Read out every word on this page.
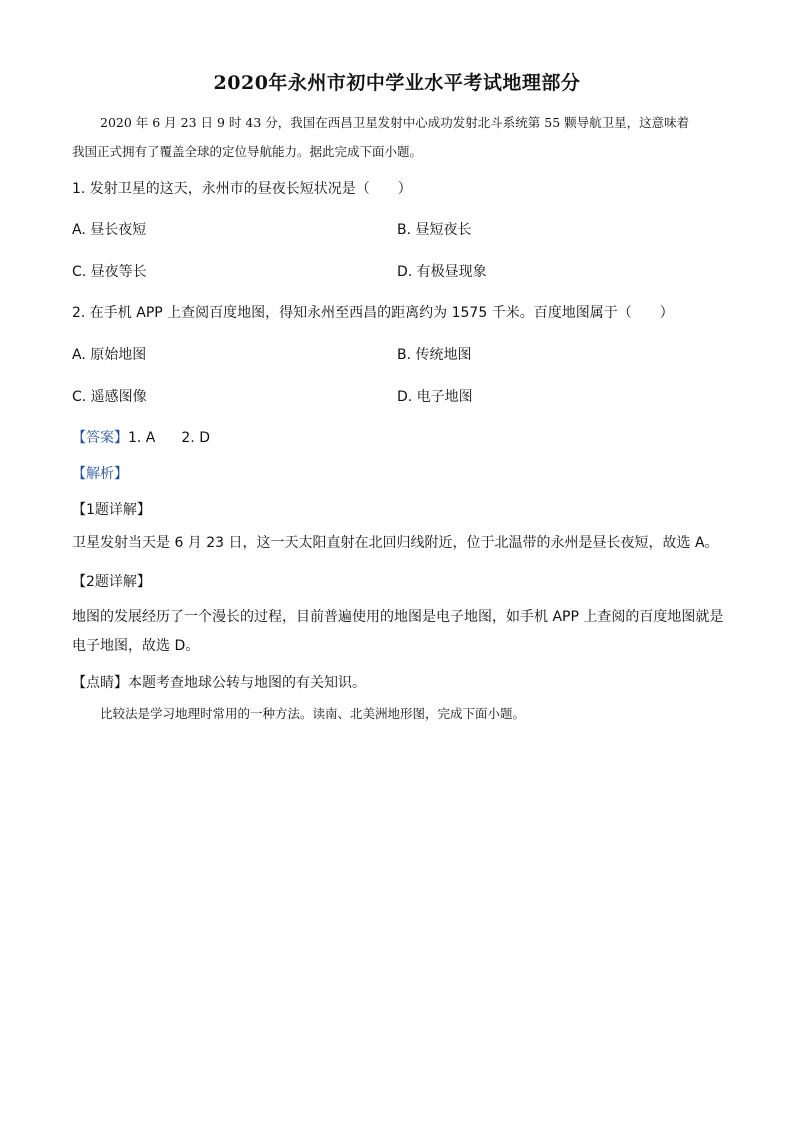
2020年永州市初中学业水平考试地理部分
2020 年 6 月 23 日 9 时 43 分，我国在西昌卫星发射中心成功发射北斗系统第 55 颗导航卫星，这意味着
我国正式拥有了覆盖全球的定位导航能力。据此完成下面小题。
1. 发射卫星的这天，永州市的昼夜长短状况是（　　）
A. 昼长夜短	B. 昼短夜长
C. 昼夜等长	D. 有极昼现象
2. 在手机 APP 上查阅百度地图，得知永州至西昌的距离约为 1575 千米。百度地图属于（　　）
A. 原始地图	B. 传统地图
C. 遥感图像	D. 电子地图
【答案】1. A 2. D
【解析】
【1题详解】
卫星发射当天是 6 月 23 日，这一天太阳直射在北回归线附近，位于北温带的永州是昼长夜短，故选 A。
【2题详解】
地图的发展经历了一个漫长的过程，目前普遍使用的地图是电子地图，如手机 APP 上查阅的百度地图就是
电子地图，故选 D。
【点睛】本题考查地球公转与地图的有关知识。
比较法是学习地理时常用的一种方法。读南、北美洲地形图，完成下面小题。
